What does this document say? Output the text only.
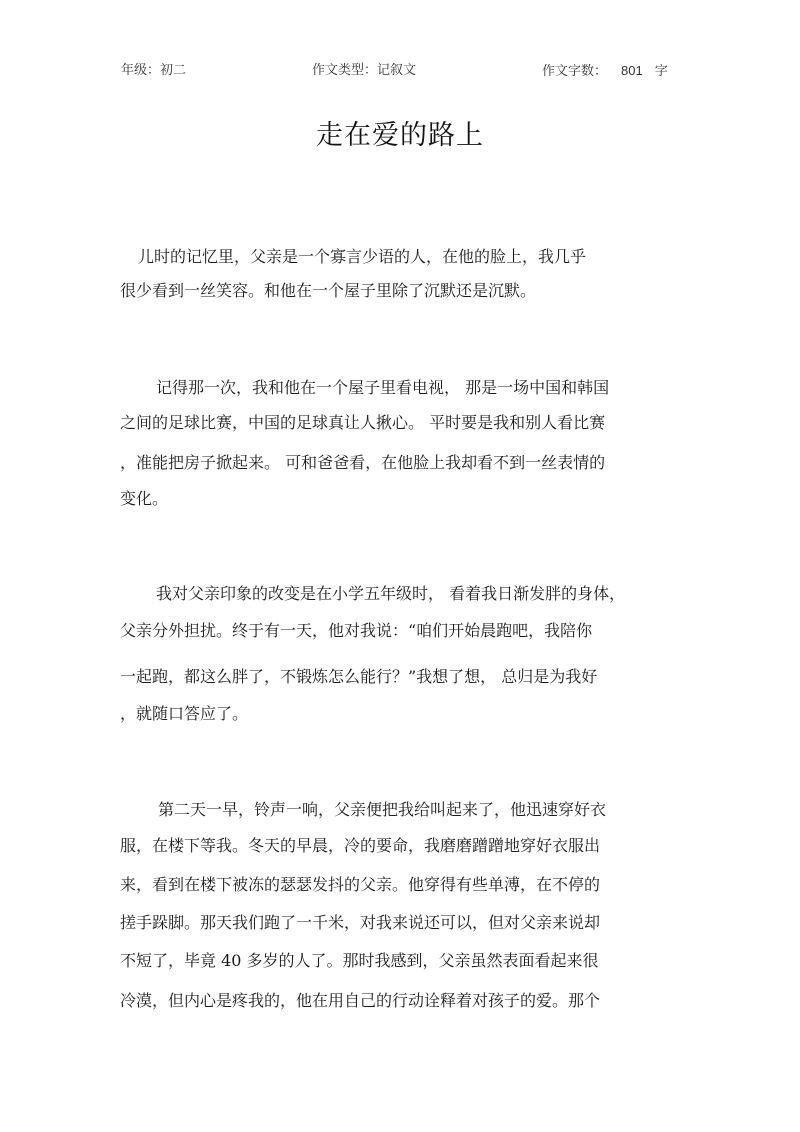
年级：初二	作文类型：记叙文	作文字数： 801 字
走在爱的路上
儿时的记忆里，父亲是一个寡言少语的人，在他的脸上，我几乎
很少看到一丝笑容。和他在一个屋子里除了沉默还是沉默。
记得那一次，我和他在一个屋子里看电视， 那是一场中国和韩国
之间的足球比赛，中国的足球真让人揪心。 平时要是我和别人看比赛
，准能把房子掀起来。 可和爸爸看，在他脸上我却看不到一丝表情的
变化。
我对父亲印象的改变是在小学五年级时， 看着我日渐发胖的身体，
父亲分外担扰。终于有一天，他对我说：“咱们开始晨跑吧，我陪你
一起跑，都这么胖了，不锻炼怎么能行？”我想了想， 总归是为我好
，就随口答应了。
第二天一早，铃声一响，父亲便把我给叫起来了，他迅速穿好衣
服，在楼下等我。冬天的早晨，冷的要命，我磨磨蹭蹭地穿好衣服出
来，看到在楼下被冻的瑟瑟发抖的父亲。他穿得有些单溥，在不停的
搓手跺脚。那天我们跑了一千米，对我来说还可以，但对父亲来说却
不短了，毕竟 40 多岁的人了。那时我感到，父亲虽然表面看起来很
冷漠，但内心是疼我的，他在用自己的行动诠释着对孩子的爱。那个
